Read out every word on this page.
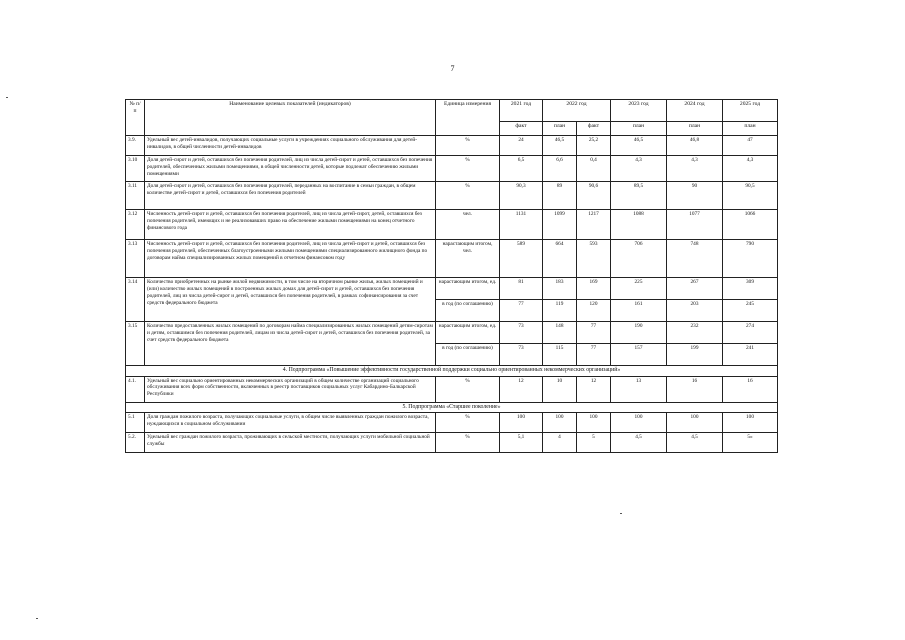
7
№ п/п	Наименование целевых показателей (индикаторов)	Единица измерения	2021 год	2022 год		2023 год	2024 год	2025 год
			факт	план	факт	план	план	план
3.9.	Удельный вес детей-инвалидов, получающих социальные услуги в учреждениях социального обслуживания для детей-инвалидов, в общей численности детей-инвалидов	%	24	46,5	25,2	46,5	46,8	47
3.10	Доля детей-сирот и детей, оставшихся без попечения родителей, лиц из числа детей-сирот и детей, оставшихся без попечения родителей, обеспеченных жилыми помещениями, в общей численности детей, которые подлежат обеспечению жилыми помещениями	%	6,5	6,6	0,4	4,3	4,3	4,3
3.11	Доля детей-сирот и детей, оставшихся без попечения родителей, переданных на воспитание в семьи граждан, в общем количестве детей-сирот и детей, оставшихся без попечения родителей	%	90,3	89	90,6	89,5	90	90,5
3.12	Численность детей-сирот и детей, оставшихся без попечения родителей, лиц из числа детей-сирот, детей, оставшихся без попечения родителей, имеющих и не реализовавших право на обеспечение жилыми помещениями на конец отчетного финансового года	чел.	1131	1099	1217	1088	1077	1066
3.13	Численность детей-сирот и детей, оставшихся без попечения родителей, лиц из числа детей-сирот и детей, оставшихся без попечения родителей, обеспеченных благоустроенными жилыми помещениями специализированного жилищного фонда по договорам найма специализированных жилых помещений в отчетном финансовом году	нарастающим итогом, чел.	589	664	593	706	748	790
3.14	Количество приобретенных на рынке жилой недвижимости, в том числе на вторичном рынке жилья, жилых помещений и (или) количество жилых помещений в построенных жилых домах для детей-сирот и детей, оставшихся без попечения родителей, лиц из числа детей-сирот и детей, оставшихся без попечения родителей, в рамках софинансирования за счет средств федерального бюджета	нарастающим итогом, ед.	81	183	169	225	267	309
		в год (по соглашению)	77	119	120	161	203	245
3.15	Количество предоставленных жилых помещений по договорам найма специализированных жилых помещений детям-сиротам и детям, оставшимся без попечения родителей, лицам из числа детей-сирот и детей, оставшихся без попечения родителей, за счет средств федерального бюджета	нарастающим итогом, ед.	73	148	77	190	232	274
		в год (по соглашению)	73	115	77	157	199	241
4. Подпрограмма «Повышение эффективности государственной поддержки социально ориентированных некоммерческих организаций»								
4.1.	Удельный вес социально ориентированных некоммерческих организаций в общем количестве организаций социального обслуживания всех форм собственности, включенных в реестр поставщиков социальных услуг Кабардино-Балкарской Республики	%	12	10	12	13	16	16
5. Подпрограмма «Старшее поколение»								
5.1	Доля граждан пожилого возраста, получающих социальные услуги, в общем числе выявленных граждан пожилого возраста, нуждающихся в социальном обслуживании	%	100	100	100	100	100	100
5.2.	Удельный вес граждан пожилого возраста, проживающих в сельской местности, получающих услуги мобильной социальной службы	%	5,1	4	5	4,5	4,5	5»
